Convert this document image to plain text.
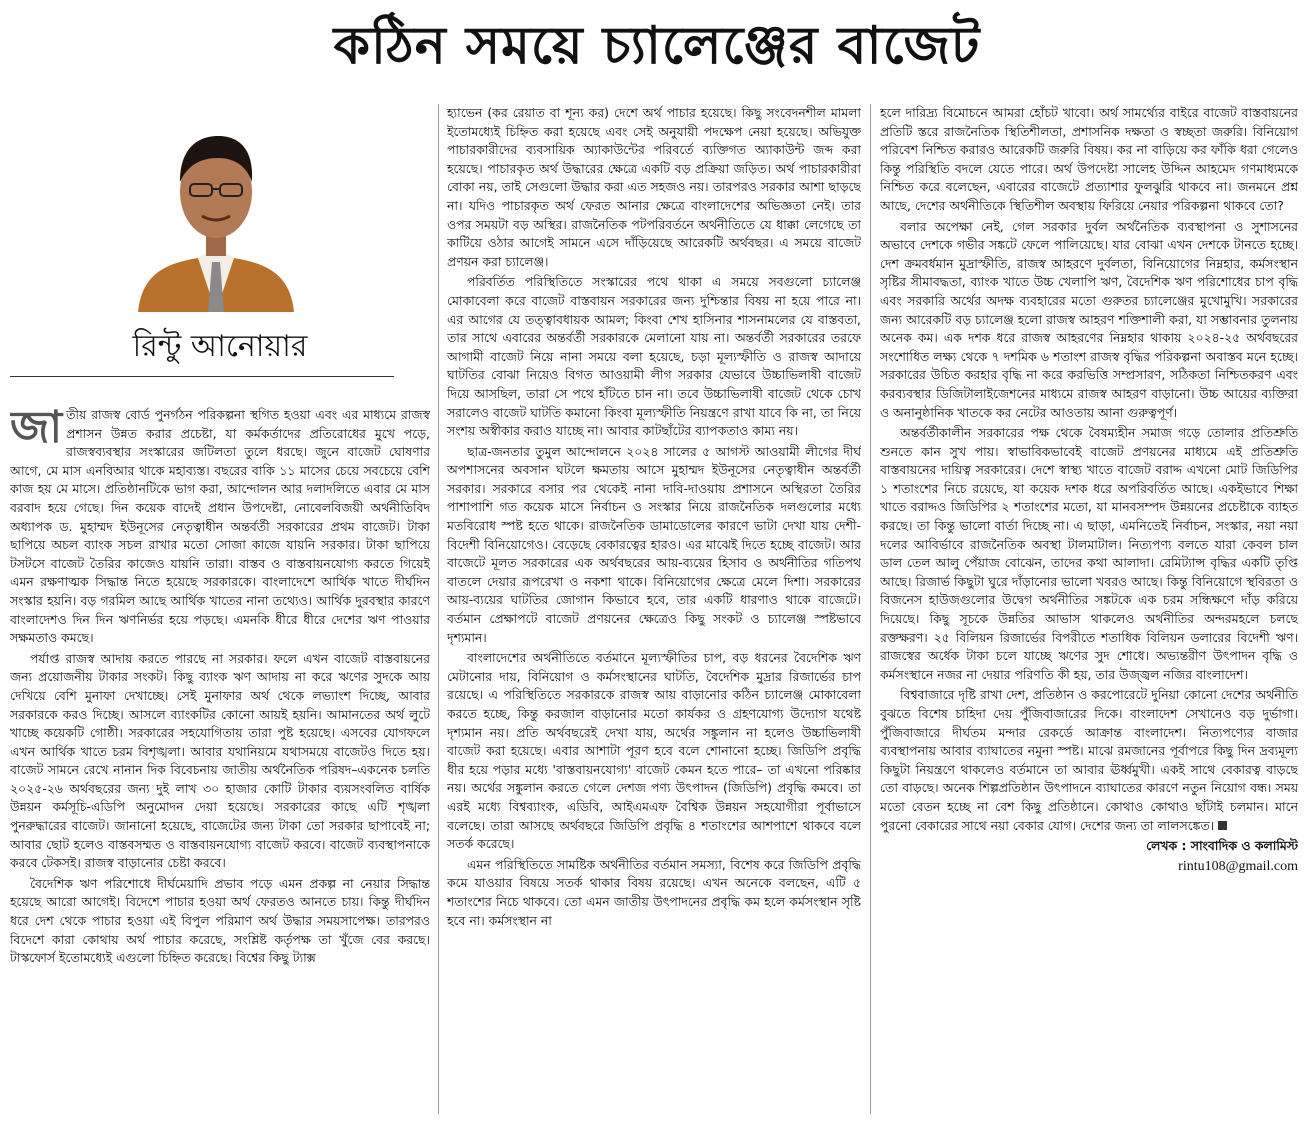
কঠিন সময়ে চ্যালেঞ্জের বাজেট
রিন্টু আনোয়ার

জাতীয় রাজস্ব বোর্ড পুনর্গঠন পরিকল্পনা স্থগিত হওয়া এবং এর মাধ্যমে রাজস্ব প্রশাসন উন্নত করার প্রচেষ্টা, যা কর্মকর্তাদের প্রতিরোধের মুখে পড়ে, রাজস্বব্যবস্থার সংস্কারের জটিলতা তুলে ধরছে। জুনে বাজেট ঘোষণার আগে, মে মাস এনবিআর থাকে মহাব্যস্ত। বছরের বাকি ১১ মাসের চেয়ে সবচেয়ে বেশি কাজ হয় মে মাসে। প্রতিষ্ঠানটিকে ভাগ করা, আন্দোলন আর দলাদলিতে এবার মে মাস বরবাদ হয়ে গেছে। দিন কয়েক বাদেই প্রধান উপদেষ্টা, নোবেলবিজয়ী অর্থনীতিবিদ অধ্যাপক ড. মুহাম্মদ ইউনূসের নেতৃত্বাধীন অন্তর্বর্তী সরকারের প্রথম বাজেট। টাকা ছাপিয়ে অচল ব্যাংক সচল রাখার মতো সোজা কাজে যায়নি সরকার। টাকা ছাপিয়ে টসটসে বাজেট তৈরির কাজেও যায়নি তারা। বাস্তব ও বাস্তবায়নযোগ্য করতে গিয়েই এমন রক্ষণাত্মক সিদ্ধান্ত নিতে হয়েছে সরকারকে। বাংলাদেশে আর্থিক খাতে দীর্ঘদিন সংস্কার হয়নি। বড় গরমিল আছে আর্থিক খাতের নানা তথ্যেও। আর্থিক দুরবস্থার কারণে বাংলাদেশও দিন দিন ঋণনির্ভর হয়ে পড়ছে। এমনকি ধীরে ধীরে দেশের ঋণ পাওয়ার সক্ষমতাও কমছে।

পর্যাপ্ত রাজস্ব আদায় করতে পারছে না সরকার। ফলে এখন বাজেট বাস্তবায়নের জন্য প্রয়োজনীয় টাকার সংকট। কিছু ব্যাংক ঋণ আদায় না করে ঋণের সুদকে আয় দেখিয়ে বেশি মুনাফা দেখাচ্ছে। সেই মুনাফার অর্থ থেকে লভ্যাংশ দিচ্ছে, আবার সরকারকে করও দিচ্ছে। আসলে ব্যাংকটির কোনো আয়ই হয়নি। আমানতের অর্থ লুটে খাচ্ছে কয়েকটি গোষ্ঠী। সরকারের সহযোগিতায় তারা পুষ্ট হয়েছে। এসবের যোগফলে এখন আর্থিক খাতে চরম বিশৃঙ্খলা। আবার যথানিয়মে যথাসময়ে বাজেটও দিতে হয়। বাজেট সামনে রেখে নানান দিক বিবেচনায় জাতীয় অর্থনৈতিক পরিষদ–একনেক চলতি ২০২৫-২৬ অর্থবছরের জন্য দুই লাখ ৩০ হাজার কোটি টাকার ব্যয়সংবলিত বার্ষিক উন্নয়ন কর্মসূচি-এডিপি অনুমোদন দেয়া হয়েছে। সরকারের কাছে এটি শৃঙ্খলা পুনরুদ্ধারের বাজেট। জানানো হয়েছে, বাজেটের জন্য টাকা তো সরকার ছাপাবেই না; আবার ছোট হলেও বাস্তবসম্মত ও বাস্তবায়নযোগ্য বাজেট করবে। বাজেট ব্যবস্থাপনাকে করবে টেকসই। রাজস্ব বাড়ানোর চেষ্টা করবে।

বৈদেশিক ঋণ পরিশোধে দীর্ঘমেয়াদি প্রভাব পড়ে এমন প্রকল্প না নেয়ার সিদ্ধান্ত হয়েছে আরো আগেই। বিদেশে পাচার হওয়া অর্থ ফেরতও আনতে চায়। কিন্তু দীর্ঘদিন ধরে দেশ থেকে পাচার হওয়া এই বিপুল পরিমাণ অর্থ উদ্ধার সময়সাপেক্ষ। তারপরও বিদেশে কারা কোথায় অর্থ পাচার করেছে, সংশ্লিষ্ট কর্তৃপক্ষ তা খুঁজে বের করছে। টাস্কফোর্স ইতোমধ্যেই এগুলো চিহ্নিত করেছে। বিশ্বের কিছু ট্যাক্স

হ্যাভেন (কর রেয়াত বা শূন্য কর) দেশে অর্থ পাচার হয়েছে। কিছু সংবেদনশীল মামলা ইতোমধ্যেই চিহ্নিত করা হয়েছে এবং সেই অনুযায়ী পদক্ষেপ নেয়া হয়েছে। অভিযুক্ত পাচারকারীদের ব্যবসায়িক অ্যাকাউন্টের পরিবর্তে ব্যক্তিগত অ্যাকাউন্ট জব্দ করা হয়েছে। পাচারকৃত অর্থ উদ্ধারের ক্ষেত্রে একটি বড় প্রক্রিয়া জড়িত। অর্থ পাচারকারীরা বোকা নয়, তাই সেগুলো উদ্ধার করা এত সহজও নয়। তারপরও সরকার আশা ছাড়ছে না। যদিও পাচারকৃত অর্থ ফেরত আনার ক্ষেত্রে বাংলাদেশের অভিজ্ঞতা নেই। তার ওপর সময়টা বড় অস্থির। রাজনৈতিক পটপরিবর্তনে অর্থনীতিতে যে ধাক্কা লেগেছে তা কাটিয়ে ওঠার আগেই সামনে এসে দাঁড়িয়েছে আরেকটি অর্থবছর। এ সময়ে বাজেট প্রণয়ন করা চ্যালেঞ্জ।

পরিবর্তিত পরিস্থিতিতে সংস্কারের পথে থাকা এ সময়ে সবগুলো চ্যালেঞ্জ মোকাবেলা করে বাজেট বাস্তবায়ন সরকারের জন্য দুশ্চিন্তার বিষয় না হয়ে পারে না। এর আগের যে তত্ত্বাবধায়ক আমল; কিংবা শেখ হাসিনার শাসনামলের যে বাস্তবতা, তার সাথে এবারের অন্তর্বর্তী সরকারকে মেলানো যায় না। অন্তর্বর্তী সরকারের তরফে আগামী বাজেট নিয়ে নানা সময়ে বলা হয়েছে, চড়া মূল্যস্ফীতি ও রাজস্ব আদায়ে ঘাটতির বোঝা নিয়েও বিগত আওয়ামী লীগ সরকার যেভাবে উচ্চাভিলাষী বাজেট দিয়ে আসছিল, তারা সে পথে হাঁটতে চান না। তবে উচ্চাভিলাষী বাজেট থেকে চোখ সরালেও বাজেট ঘাটতি কমানো কিংবা মূল্যস্ফীতি নিয়ন্ত্রণে রাখা যাবে কি না, তা নিয়ে সংশয় অস্বীকার করাও যাচ্ছে না। আবার কাটছাঁটের ব্যাপকতাও কাম্য নয়।

ছাত্র-জনতার তুমুল আন্দোলনে ২০২৪ সালের ৫ আগস্ট আওয়ামী লীগের দীর্ঘ অপশাসনের অবসান ঘটলে ক্ষমতায় আসে মুহাম্মদ ইউনূসের নেতৃত্বাধীন অন্তর্বর্তী সরকার। সরকারে বসার পর থেকেই নানা দাবি-দাওয়ায় প্রশাসনে অস্থিরতা তৈরির পাশাপাশি গত কয়েক মাসে নির্বাচন ও সংস্কার নিয়ে রাজনৈতিক দলগুলোর মধ্যে মতবিরোধ স্পষ্ট হতে থাকে। রাজনৈতিক ডামাডোলের কারণে ভাটা দেখা যায় দেশী-বিদেশী বিনিয়োগেও। বেড়েছে বেকারত্বের হারও। এর মাঝেই দিতে হচ্ছে বাজেট। আর বাজেটে মূলত সরকারের এক অর্থবছরের আয়-ব্যয়ের হিসাব ও অর্থনীতির গতিপথ বাতলে দেয়ার রূপরেখা ও নকশা থাকে। বিনিয়োগের ক্ষেত্রে মেলে দিশা। সরকারের আয়-ব্যয়ের ঘাটতির জোগান কিভাবে হবে, তার একটি ধারণাও থাকে বাজেটে। বর্তমান প্রেক্ষাপটে বাজেট প্রণয়নের ক্ষেত্রেও কিছু সংকট ও চ্যালেঞ্জ স্পষ্টভাবে দৃশ্যমান।

বাংলাদেশের অর্থনীতিতে বর্তমানে মূল্যস্ফীতির চাপ, বড় ধরনের বৈদেশিক ঋণ মেটানোর দায়, বিনিয়োগ ও কর্মসংস্থানের ঘাটতি, বৈদেশিক মুদ্রার রিজার্ভের চাপ রয়েছে। এ পরিস্থিতিতে সরকারকে রাজস্ব আয় বাড়ানোর কঠিন চ্যালেঞ্জ মোকাবেলা করতে হচ্ছে, কিন্তু করজাল বাড়ানোর মতো কার্যকর ও গ্রহণযোগ্য উদ্যোগ যথেষ্ট দৃশ্যমান নয়। প্রতি অর্থবছরেই দেখা যায়, অর্থের সঙ্কুলান না হলেও উচ্চাভিলাষী বাজেট করা হয়েছে। এবার আশাটা পূরণ হবে বলে শোনানো হচ্ছে। জিডিপি প্রবৃদ্ধি ধীর হয়ে পড়ার মধ্যে 'বাস্তবায়নযোগ্য' বাজেট কেমন হতে পারে– তা এখনো পরিষ্কার নয়। অর্থের সঙ্কুলান করতে গেলে দেশজ পণ্য উৎপাদন (জিডিপি) প্রবৃদ্ধি কমবে। তা এরই মধ্যে বিশ্বব্যাংক, এডিবি, আইএমএফ বৈশ্বিক উন্নয়ন সহযোগীরা পূর্বাভাসে বলেছে। তারা আসছে অর্থবছরে জিডিপি প্রবৃদ্ধি ৪ শতাংশের আশপাশে থাকবে বলে সতর্ক করেছে।

এমন পরিস্থিতিতে সামষ্টিক অর্থনীতির বর্তমান সমস্যা, বিশেষ করে জিডিপি প্রবৃদ্ধি কমে যাওয়ার বিষয়ে সতর্ক থাকার বিষয় রয়েছে। এখন অনেকে বলছেন, এটি ৫ শতাংশের নিচে থাকবে। তো এমন জাতীয় উৎপাদনের প্রবৃদ্ধি কম হলে কর্মসংস্থান সৃষ্টি হবে না। কর্মসংস্থান না

হলে দারিদ্র্য বিমোচনে আমরা হোঁচট খাবো। অর্থ সামর্থ্যের বাইরে বাজেট বাস্তবায়নের প্রতিটি স্তরে রাজনৈতিক স্থিতিশীলতা, প্রশাসনিক দক্ষতা ও স্বচ্ছতা জরুরি। বিনিয়োগ পরিবেশ নিশ্চিত করারও আরেকটি জরুরি বিষয়। কর না বাড়িয়ে কর ফাঁকি ধরা গেলেও কিন্তু পরিস্থিতি বদলে যেতে পারে। অর্থ উপদেষ্টা সালেহ উদ্দিন আহমেদ গণমাধ্যমকে নিশ্চিত করে বলেছেন, এবারের বাজেটে প্রত্যাশার ফুলঝুরি থাকবে না। জনমনে প্রশ্ন আছে, দেশের অর্থনীতিকে স্থিতিশীল অবস্থায় ফিরিয়ে নেয়ার পরিকল্পনা থাকবে তো?

বলার অপেক্ষা নেই, গেল সরকার দুর্বল অর্থনৈতিক ব্যবস্থাপনা ও সুশাসনের অভাবে দেশকে গভীর সঙ্কটে ফেলে পালিয়েছে। যার বোঝা এখন দেশকে টানতে হচ্ছে। দেশ ক্রমবর্ধমান মুদ্রাস্ফীতি, রাজস্ব আহরণে দুর্বলতা, বিনিয়োগের নিম্নহার, কর্মসংস্থান সৃষ্টির সীমাবদ্ধতা, ব্যাংক খাতে উচ্চ খেলাপি ঋণ, বৈদেশিক ঋণ পরিশোধের চাপ বৃদ্ধি এবং সরকারি অর্থের অদক্ষ ব্যবহারের মতো গুরুতর চ্যালেঞ্জের মুখোমুখি। সরকারের জন্য আরেকটি বড় চ্যালেঞ্জ হলো রাজস্ব আহরণ শক্তিশালী করা, যা সম্ভাবনার তুলনায় অনেক কম। এক দশক ধরে রাজস্ব আহরণের নিম্নহার থাকায় ২০২৪-২৫ অর্থবছরের সংশোধিত লক্ষ্য থেকে ৭ দশমিক ৬ শতাংশ রাজস্ব বৃদ্ধির পরিকল্পনা অবাস্তব মনে হচ্ছে। সরকারের উচিত করহার বৃদ্ধি না করে করভিত্তি সম্প্রসারণ, সঠিকতা নিশ্চিতকরণ এবং করব্যবস্থার ডিজিটালাইজেশনের মাধ্যমে রাজস্ব আহরণ বাড়ানো। উচ্চ আয়ের ব্যক্তিরা ও অনানুষ্ঠানিক খাতকে কর নেটের আওতায় আনা গুরুত্বপূর্ণ।

অন্তর্বর্তীকালীন সরকারের পক্ষ থেকে বৈষম্যহীন সমাজ গড়ে তোলার প্রতিশ্রুতি শুনতে কান সুখ পায়। স্বাভাবিকভাবেই বাজেট প্রণয়নের মাধ্যমে এই প্রতিশ্রুতি বাস্তবায়নের দায়িত্ব সরকারের। দেশে স্বাস্থ্য খাতে বাজেট বরাদ্দ এখনো মোট জিডিপির ১ শতাংশের নিচে রয়েছে, যা কয়েক দশক ধরে অপরিবর্তিত আছে। একইভাবে শিক্ষা খাতে বরাদ্দও জিডিপির ২ শতাংশের মতো, যা মানবসম্পদ উন্নয়নের প্রচেষ্টাকে ব্যাহত করছে। তা কিন্তু ভালো বার্তা দিচ্ছে না। এ ছাড়া, এমনিতেই নির্বাচন, সংস্কার, নয়া নয়া দলের আবির্ভাবে রাজনৈতিক অবস্থা টালমাটাল। নিত্যপণ্য বলতে যারা কেবল চাল ডাল তেল আলু পেঁয়াজ বোঝেন, তাদের কথা আলাদা। রেমিট্যান্স বৃদ্ধির একটি তৃপ্তি আছে। রিজার্ভ কিছুটা ঘুরে দাঁড়ানোর ভালো খবরও আছে। কিন্তু বিনিয়োগে স্থবিরতা ও বিজনেস হাউজগুলোর উদ্বেগ অর্থনীতির সঙ্কটকে এক চরম সন্ধিক্ষণে দাঁড় করিয়ে দিয়েছে। কিছু সূচকে উন্নতির আভাস থাকলেও অর্থনীতির অন্দরমহলে চলছে রক্তক্ষরণ। ২৫ বিলিয়ন রিজার্ভের বিপরীতে শতাধিক বিলিয়ন ডলারের বিদেশী ঋণ। রাজস্বের অর্ধেক টাকা চলে যাচ্ছে ঋণের সুদ শোধে। অভ্যন্তরীণ উৎপাদন বৃদ্ধি ও কর্মসংস্থানে নজর না দেয়ার পরিণতি কী হয়, তার উজ্জ্বল নজির বাংলাদেশ।

বিশ্ববাজারে দৃষ্টি রাখা দেশ, প্রতিষ্ঠান ও করপোরেটে দুনিয়া কোনো দেশের অর্থনীতি বুঝতে বিশেষ চাহিদা দেয় পুঁজিবাজারের দিকে। বাংলাদেশ সেখানেও বড় দুর্ভাগা। পুঁজিবাজারে দীর্ঘতম মন্দার রেকর্ডে আক্রান্ত বাংলাদেশ। নিত্যপণ্যের বাজার ব্যবস্থাপনায় আবার ব্যাঘাতের নমুনা স্পষ্ট। মাঝে রমজানের পূর্বাপরে কিছু দিন দ্রব্যমূল্য কিছুটা নিয়ন্ত্রণে থাকলেও বর্তমানে তা আবার ঊর্ধ্বমুখী। একই সাথে বেকারত্ব বাড়ছে তো বাড়ছে। অনেক শিল্পপ্রতিষ্ঠান উৎপাদনে ব্যাঘাতের কারণে নতুন নিয়োগ বন্ধ। সময় মতো বেতন হচ্ছে না বেশ কিছু প্রতিষ্ঠানে। কোথাও কোথাও ছাঁটাই চলমান। মানে পুরনো বেকারের সাথে নয়া বেকার যোগ। দেশের জন্য তা লালসঙ্কেত।

লেখক : সাংবাদিক ও কলামিস্ট

rintu108@gmail.com
